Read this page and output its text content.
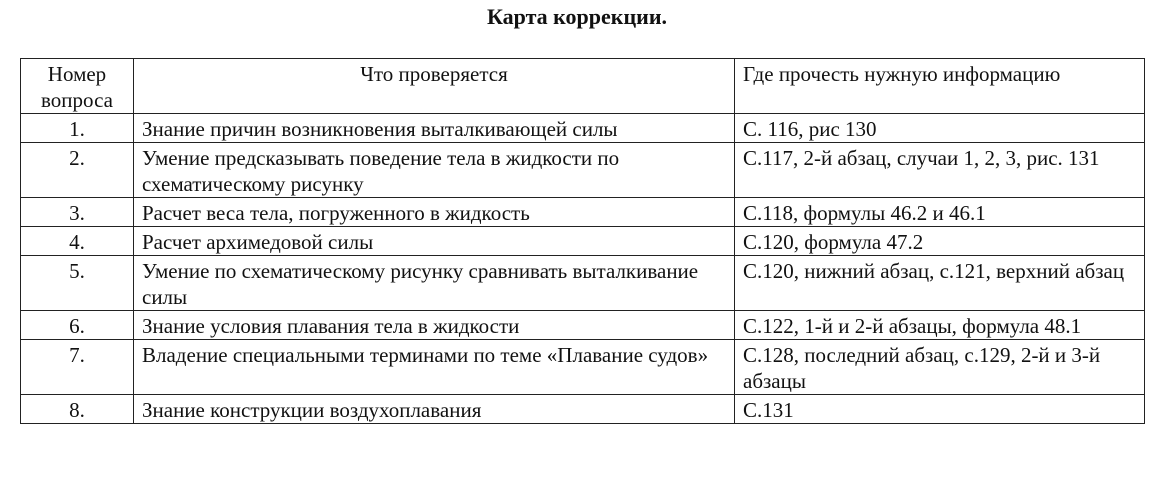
Карта коррекции.
Номер вопроса	Что проверяется	Где прочесть нужную информацию
1.	Знание причин возникновения выталкивающей силы	С. 116, рис 130
2.	Умение предсказывать поведение тела в жидкости по схематическому рисунку	С.117, 2-й абзац, случаи 1, 2, 3, рис. 131
3.	Расчет веса тела, погруженного в жидкость	С.118, формулы 46.2 и 46.1
4.	Расчет архимедовой силы	С.120, формула 47.2
5.	Умение по схематическому рисунку сравнивать выталкивание силы	С.120, нижний абзац, с.121, верхний абзац
6.	Знание условия плавания тела в жидкости	С.122, 1-й и 2-й абзацы, формула 48.1
7.	Владение специальными терминами по теме «Плавание судов»	С.128, последний абзац, с.129, 2-й и 3-й абзацы
8.	Знание конструкции воздухоплавания	С.131
